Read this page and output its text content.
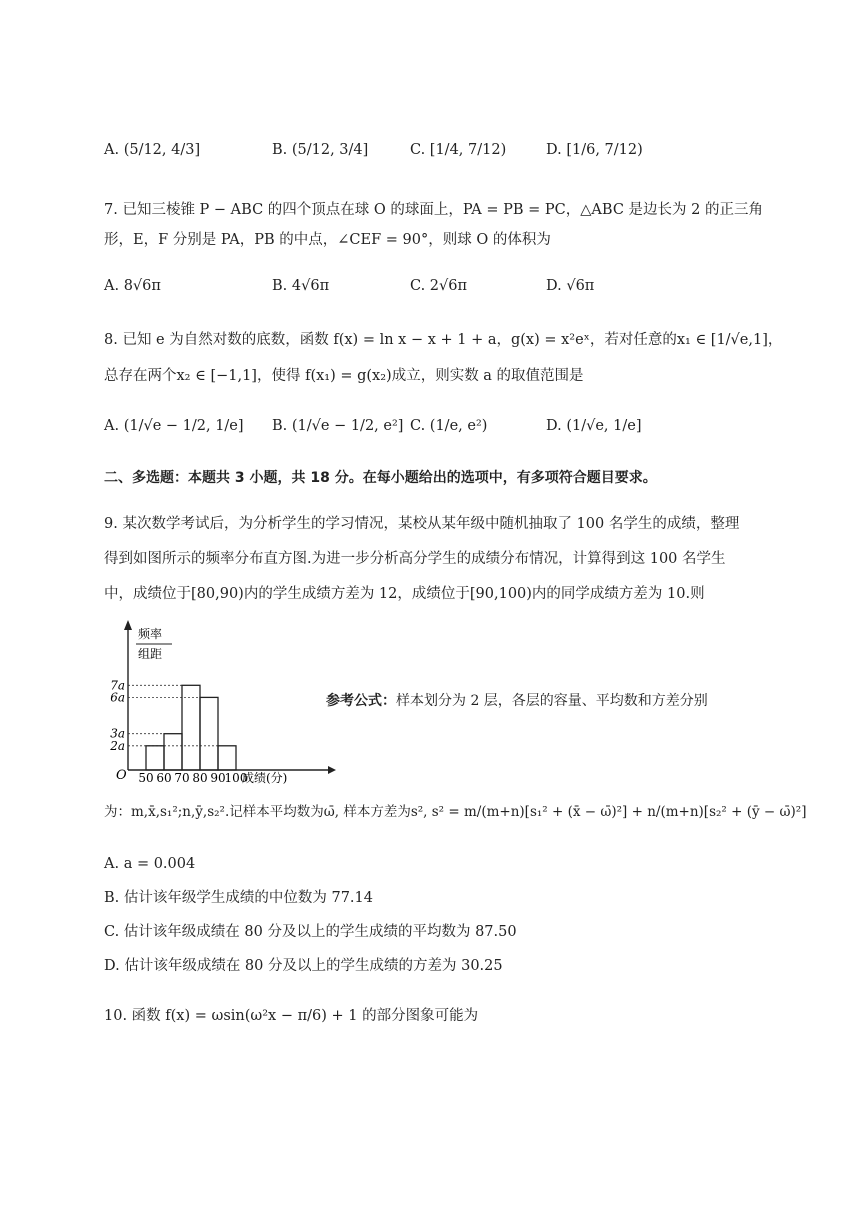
A. (5/12, 4/3]	B. (5/12, 3/4]	C. [1/4, 7/12)	D. [1/6, 7/12)
7. 已知三棱锥 P − ABC 的四个顶点在球 O 的球面上，PA = PB = PC，△ABC 是边长为 2 的正三角
形，E，F 分别是 PA，PB 的中点，∠CEF = 90°，则球 O 的体积为
A. 8√6π	B. 4√6π	C. 2√6π	D. √6π
8. 已知 e 为自然对数的底数，函数 f(x) = ln x − x + 1 + a，g(x) = x²eˣ，若对任意的x₁ ∈ [1/√e,1]，
总存在两个x₂ ∈ [−1,1]，使得 f(x₁) = g(x₂)成立，则实数 a 的取值范围是
A. (1/√e − 1/2, 1/e] B. (1/√e − 1/2, e²] C. (1/e, e²)	D. (1/√e, 1/e]
二、多选题：本题共 3 小题，共 18 分。在每小题给出的选项中，有多项符合题目要求。
9. 某次数学考试后，为分析学生的学习情况，某校从某年级中随机抽取了 100 名学生的成绩，整理
得到如图所示的频率分布直方图.为进一步分析高分学生的成绩分布情况，计算得到这 100 名学生
中，成绩位于[80,90)内的学生成绩方差为 12，成绩位于[90,100)内的同学成绩方差为 10.则
2a
3a
6a
7a
50 60 70 80 90
100
成绩(分)
O
频率
组距
参考公式：样本划分为 2 层，各层的容量、平均数和方差分别
为：m,x̄,s₁²;n,ȳ,s₂².记样本平均数为ω̄, 样本方差为s², s² = m/(m+n)[s₁² + (x̄ − ω̄)²] + n/(m+n)[s₂² + (ȳ − ω̄)²]
A. a = 0.004
B. 估计该年级学生成绩的中位数为 77.14
C. 估计该年级成绩在 80 分及以上的学生成绩的平均数为 87.50
D. 估计该年级成绩在 80 分及以上的学生成绩的方差为 30.25
10. 函数 f(x) = ωsin(ω²x − π/6) + 1 的部分图象可能为
